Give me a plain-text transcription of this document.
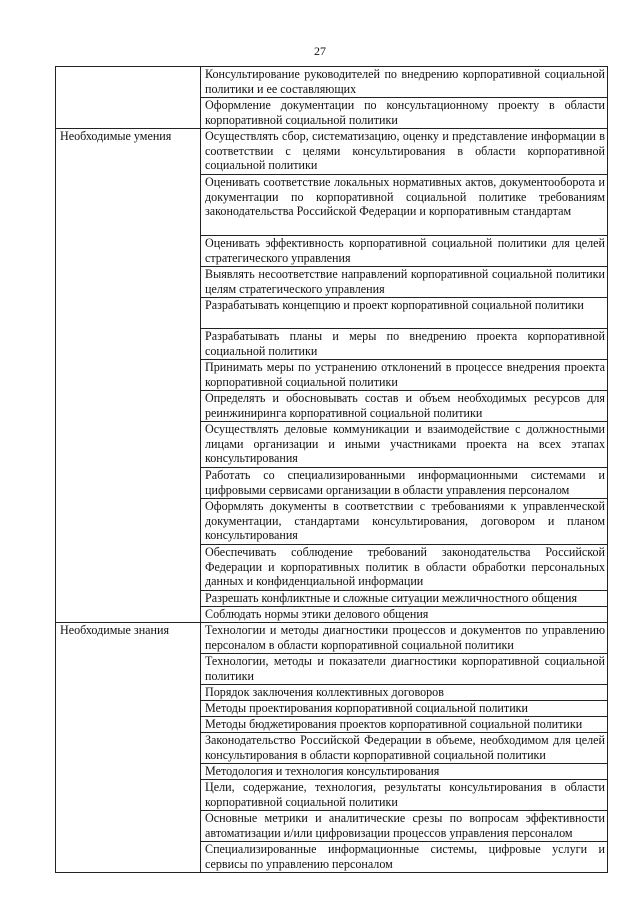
27
	Консультирование руководителей по внедрению корпоративной социальной политики и ее составляющих
	Оформление документации по консультационному проекту в области корпоративной социальной политики
Необходимые умения	Осуществлять сбор, систематизацию, оценку и представление информации в соответствии с целями консультирования в области корпоративной социальной политики
	Оценивать соответствие локальных нормативных актов, документооборота и документации по корпоративной социальной политике требованиям законодательства Российской Федерации и корпоративным стандартам
	Оценивать эффективность корпоративной социальной политики для целей стратегического управления
	Выявлять несоответствие направлений корпоративной социальной политики целям стратегического управления
	Разрабатывать концепцию и проект корпоративной социальной политики
	Разрабатывать планы и меры по внедрению проекта корпоративной социальной политики
	Принимать меры по устранению отклонений в процессе внедрения проекта корпоративной социальной политики
	Определять и обосновывать состав и объем необходимых ресурсов для реинжиниринга корпоративной социальной политики
	Осуществлять деловые коммуникации и взаимодействие с должностными лицами организации и иными участниками проекта на всех этапах консультирования
	Работать со специализированными информационными системами и цифровыми сервисами организации в области управления персоналом
	Оформлять документы в соответствии с требованиями к управленческой документации, стандартами консультирования, договором и планом консультирования
	Обеспечивать соблюдение требований законодательства Российской Федерации и корпоративных политик в области обработки персональных данных и конфиденциальной информации
	Разрешать конфликтные и сложные ситуации межличностного общения
	Соблюдать нормы этики делового общения
Необходимые знания	Технологии и методы диагностики процессов и документов по управлению персоналом в области корпоративной социальной политики
	Технологии, методы и показатели диагностики корпоративной социальной политики
	Порядок заключения коллективных договоров
	Методы проектирования корпоративной социальной политики
	Методы бюджетирования проектов корпоративной социальной политики
	Законодательство Российской Федерации в объеме, необходимом для целей консультирования в области корпоративной социальной политики
	Методология и технология консультирования
	Цели, содержание, технология, результаты консультирования в области корпоративной социальной политики
	Основные метрики и аналитические срезы по вопросам эффективности автоматизации и/или цифровизации процессов управления персоналом
	Специализированные информационные системы, цифровые услуги и сервисы по управлению персоналом
